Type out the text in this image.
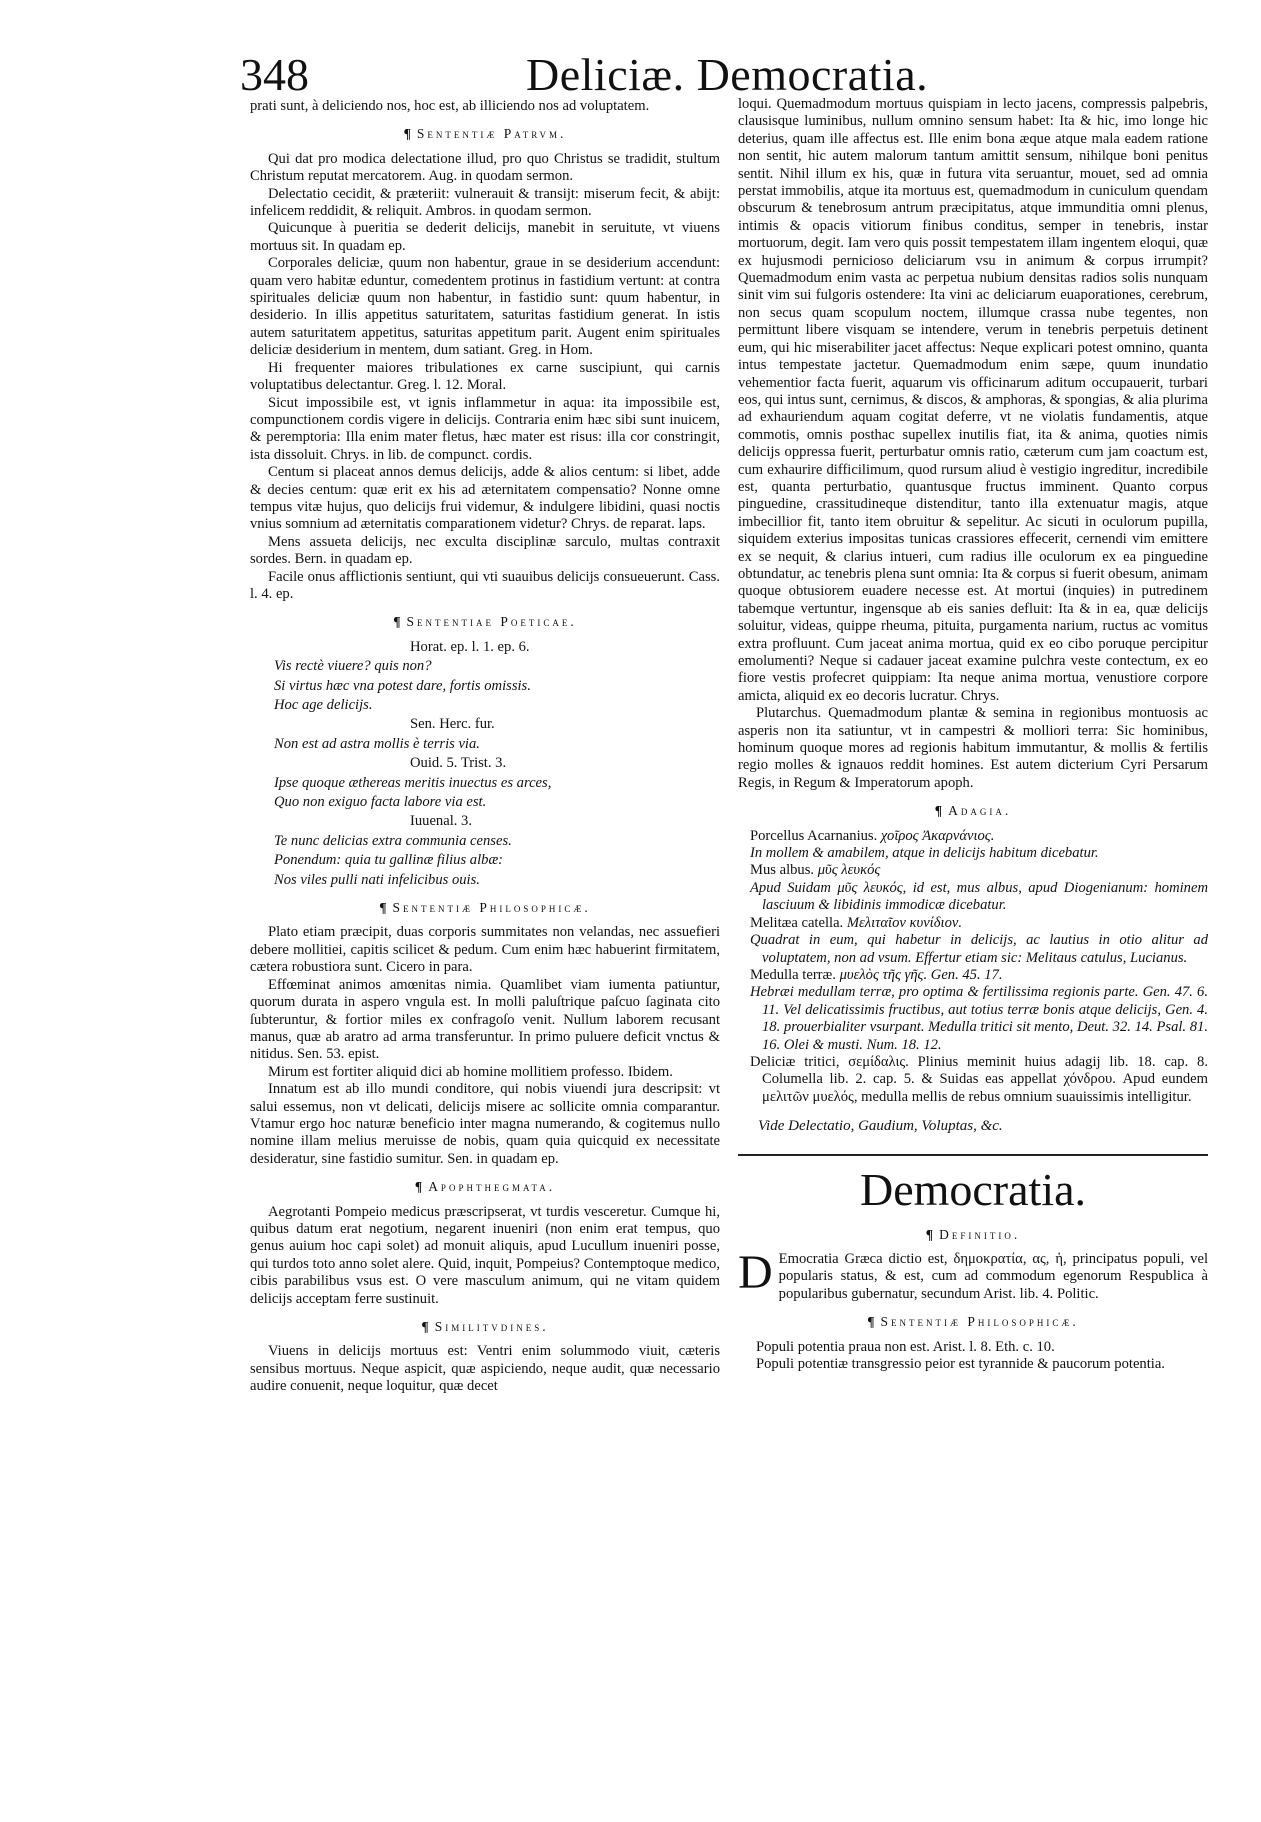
348	Deliciæ. Democratia.

prati sunt, à deliciendo nos, hoc est, ab illiciendo nos ad voluptatem.

¶ Sententiæ Patrvm.

Qui dat pro modica delectatione illud, pro quo Christus se tradidit, stultum Christum reputat mercatorem. Aug. in quodam sermon.

Delectatio cecidit, & præteriit: vulnerauit & transijt: miserum fecit, & abijt: infelicem reddidit, & reliquit. Ambros. in quodam sermon.

Quicunque à pueritia se dederit delicijs, manebit in seruitute, vt viuens mortuus sit. In quadam ep.

Corporales deliciæ, quum non habentur, graue in se desiderium accendunt: quam vero habitæ eduntur, comedentem protinus in fastidium vertunt: at contra spirituales deliciæ quum non habentur, in fastidio sunt: quum habentur, in desiderio. In illis appetitus saturitatem, saturitas fastidium generat. In istis autem saturitatem appetitus, saturitas appetitum parit. Augent enim spirituales deliciæ desiderium in mentem, dum satiant. Greg. in Hom.

Hi frequenter maiores tribulationes ex carne suscipiunt, qui carnis voluptatibus delectantur. Greg. l. 12. Moral.

Sicut impossibile est, vt ignis inflammetur in aqua: ita impossibile est, compunctionem cordis vigere in delicijs. Contraria enim hæc sibi sunt inuicem, & peremptoria: Illa enim mater fletus, hæc mater est risus: illa cor constringit, ista dissoluit. Chrys. in lib. de compunct. cordis.

Centum si placeat annos demus delicijs, adde & alios centum: si libet, adde & decies centum: quæ erit ex his ad æternitatem compensatio? Nonne omne tempus vitæ hujus, quo delicijs frui videmur, & indulgere libidini, quasi noctis vnius somnium ad æternitatis comparationem videtur? Chrys. de reparat. laps.

Mens assueta delicijs, nec exculta disciplinæ sarculo, multas contraxit sordes. Bern. in quadam ep.

Facile onus afflictionis sentiunt, qui vti suauibus delicijs consueuerunt. Cass. l. 4. ep.

¶ Sententiae Poeticae.
Horat. ep. l. 1. ep. 6.
Vis rectè viuere? quis non?
Si virtus hæc vna potest dare, fortis omissis.
Hoc age delicijs.
Sen. Herc. fur.
Non est ad astra mollis è terris via.
Ouid. 5. Trist. 3.
Ipse quoque æthereas meritis inuectus es arces,
Quo non exiguo facta labore via est.
Iuuenal. 3.
Te nunc delicias extra communia censes.
Ponendum: quia tu gallinæ filius albæ:
Nos viles pulli nati infelicibus ouis.
¶ Sententiæ Philosophicæ.

Plato etiam præcipit, duas corporis summitates non velandas, nec assuefieri debere mollitiei, capitis scilicet & pedum. Cum enim hæc habuerint firmitatem, cætera robustiora sunt. Cicero in para.

Effœminat animos amœnitas nimia. Quamlibet viam iumenta patiuntur, quorum durata in aspero vngula est. In molli paluſtrique paſcuo ſaginata cito ſubteruntur, & fortior miles ex confragoſo venit. Nullum laborem recusant manus, quæ ab aratro ad arma transferuntur. In primo puluere deficit vnctus & nitidus. Sen. 53. epist.

Mirum est fortiter aliquid dici ab homine mollitiem professo. Ibidem.

Innatum est ab illo mundi conditore, qui nobis viuendi jura descripsit: vt salui essemus, non vt delicati, delicijs misere ac sollicite omnia comparantur. Vtamur ergo hoc naturæ beneficio inter magna numerando, & cogitemus nullo nomine illam melius meruisse de nobis, quam quia quicquid ex necessitate desideratur, sine fastidio sumitur. Sen. in quadam ep.

¶ Apophthegmata.

Aegrotanti Pompeio medicus præscripserat, vt turdis vesceretur. Cumque hi, quibus datum erat negotium, negarent inueniri (non enim erat tempus, quo genus auium hoc capi solet) ad monuit aliquis, apud Lucullum inueniri posse, qui turdos toto anno solet alere. Quid, inquit, Pompeius? Contemptoque medico, cibis parabilibus vsus est. O vere masculum animum, qui ne vitam quidem delicijs acceptam ferre sustinuit.

¶ Similitvdines.

Viuens in delicijs mortuus est: Ventri enim solummodo viuit, cæteris sensibus mortuus. Neque aspicit, quæ aspiciendo, neque audit, quæ necessario audire conuenit, neque loquitur, quæ decet

loqui. Quemadmodum mortuus quispiam in lecto jacens, compressis palpebris, clausisque luminibus, nullum omnino sensum habet: Ita & hic, imo longe hic deterius, quam ille affectus est. Ille enim bona æque atque mala eadem ratione non sentit, hic autem malorum tantum amittit sensum, nihilque boni penitus sentit. Nihil illum ex his, quæ in futura vita seruantur, mouet, sed ad omnia perstat immobilis, atque ita mortuus est, quemadmodum in cuniculum quendam obscurum & tenebrosum antrum præcipitatus, atque immunditia omni plenus, intimis & opacis vitiorum finibus conditus, semper in tenebris, instar mortuorum, degit. Iam vero quis possit tempestatem illam ingentem eloqui, quæ ex hujusmodi pernicioso deliciarum vsu in animum & corpus irrumpit? Quemadmodum enim vasta ac perpetua nubium densitas radios solis nunquam sinit vim sui fulgoris ostendere: Ita vini ac deliciarum euaporationes, cerebrum, non secus quam scopulum noctem, illumque crassa nube tegentes, non permittunt libere visquam se intendere, verum in tenebris perpetuis detinent eum, qui hic miserabiliter jacet affectus: Neque explicari potest omnino, quanta intus tempestate jactetur. Quemadmodum enim sæpe, quum inundatio vehementior facta fuerit, aquarum vis officinarum aditum occupauerit, turbari eos, qui intus sunt, cernimus, & discos, & amphoras, & spongias, & alia plurima ad exhauriendum aquam cogitat deferre, vt ne violatis fundamentis, atque commotis, omnis posthac supellex inutilis fiat, ita & anima, quoties nimis delicijs oppressa fuerit, perturbatur omnis ratio, cæterum cum jam coactum est, cum exhaurire difficilimum, quod rursum aliud è vestigio ingreditur, incredibile est, quanta perturbatio, quantusque fructus imminent. Quanto corpus pinguedine, crassitudineque distenditur, tanto illa extenuatur magis, atque imbecillior fit, tanto item obruitur & sepelitur. Ac sicuti in oculorum pupilla, siquidem exterius impositas tunicas crassiores effecerit, cernendi vim emittere ex se nequit, & clarius intueri, cum radius ille oculorum ex ea pinguedine obtundatur, ac tenebris plena sunt omnia: Ita & corpus si fuerit obesum, animam quoque obtusiorem euadere necesse est. At mortui (inquies) in putredinem tabemque vertuntur, ingensque ab eis sanies defluit: Ita & in ea, quæ delicijs soluitur, videas, quippe rheuma, pituita, purgamenta narium, ructus ac vomitus extra profluunt. Cum jaceat anima mortua, quid ex eo cibo poruque percipitur emolumenti? Neque si cadauer jaceat examine pulchra veste contectum, ex eo fiore vestis profecret quippiam: Ita neque anima mortua, venustiore corpore amicta, aliquid ex eo decoris lucratur. Chrys.

Plutarchus. Quemadmodum plantæ & semina in regionibus montuosis ac asperis non ita satiuntur, vt in campestri & molliori terra: Sic hominibus, hominum quoque mores ad regionis habitum immutantur, & mollis & fertilis regio molles & ignauos reddit homines. Est autem dicterium Cyri Persarum Regis, in Regum & Imperatorum apoph.

¶ Adagia.

Porcellus Acarnanius. χοῖρος Ἀκαρνάνιος.

In mollem & amabilem, atque in delicijs habitum dicebatur.

Mus albus. μῦς λευκός

Apud Suidam μῦς λευκός, id est, mus albus, apud Diogenianum: hominem lasciuum & libidinis immodicæ dicebatur.

Melitæa catella. Μελιταῖον κυνίδιον.

Quadrat in eum, qui habetur in delicijs, ac lautius in otio alitur ad voluptatem, non ad vsum. Effertur etiam sic: Melitaus catulus, Lucianus.

Medulla terræ. μυελὸς τῆς γῆς. Gen. 45. 17.

Hebræi medullam terræ, pro optima & fertilissima regionis parte. Gen. 47. 6. 11. Vel delicatissimis fructibus, aut totius terræ bonis atque delicijs, Gen. 4. 18. prouerbialiter vsurpant. Medulla tritici sit mento, Deut. 32. 14. Psal. 81. 16. Olei & musti. Num. 18. 12.

Deliciæ tritici, σεμίδαλις. Plinius meminit huius adagij lib. 18. cap. 8. Columella lib. 2. cap. 5. & Suidas eas appellat χόνδρου. Apud eundem μελιτῶν μυελός, medulla mellis de rebus omnium suauissimis intelligitur.

Vide Delectatio, Gaudium, Voluptas, &c.
Democratia.
¶ Definitio.

D Emocratia Græca dictio est, δημοκρατία, ας, ἡ, principatus populi, vel popularis status, & est, cum ad commodum egenorum Respublica à popularibus gubernatur, secundum Arist. lib. 4. Politic.

¶ Sententiæ Philosophicæ.

Populi potentia praua non est. Arist. l. 8. Eth. c. 10.

Populi potentiæ transgressio peior est tyrannide & paucorum potentia.
